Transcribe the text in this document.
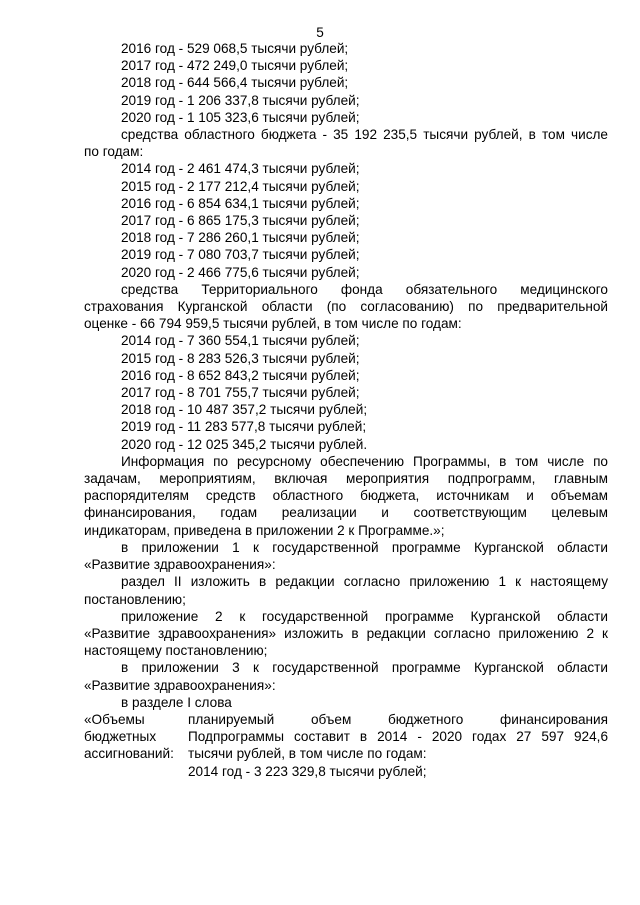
5
2016 год - 529 068,5 тысячи рублей;
2017 год - 472 249,0 тысячи рублей;
2018 год - 644 566,4 тысячи рублей;
2019 год - 1 206 337,8 тысячи рублей;
2020 год - 1 105 323,6 тысячи рублей;
средства областного бюджета - 35 192 235,5 тысячи рублей, в том числе
по годам:
2014 год - 2 461 474,3 тысячи рублей;
2015 год - 2 177 212,4 тысячи рублей;
2016 год - 6 854 634,1 тысячи рублей;
2017 год - 6 865 175,3 тысячи рублей;
2018 год - 7 286 260,1 тысячи рублей;
2019 год - 7 080 703,7 тысячи рублей;
2020 год - 2 466 775,6 тысячи рублей;
средства Территориального фонда обязательного медицинского
страхования Курганской области (по согласованию) по предварительной
оценке - 66 794 959,5 тысячи рублей, в том числе по годам:
2014 год - 7 360 554,1 тысячи рублей;
2015 год - 8 283 526,3 тысячи рублей;
2016 год - 8 652 843,2 тысячи рублей;
2017 год - 8 701 755,7 тысячи рублей;
2018 год - 10 487 357,2 тысячи рублей;
2019 год - 11 283 577,8 тысячи рублей;
2020 год - 12 025 345,2 тысячи рублей.
Информация по ресурсному обеспечению Программы, в том числе по
задачам, мероприятиям, включая мероприятия подпрограмм, главным
распорядителям средств областного бюджета, источникам и объемам
финансирования, годам реализации и соответствующим целевым
индикаторам, приведена в приложении 2 к Программе.»;
в приложении 1 к государственной программе Курганской области
«Развитие здравоохранения»:
раздел II изложить в редакции согласно приложению 1 к настоящему
постановлению;
приложение 2 к государственной программе Курганской области
«Развитие здравоохранения» изложить в редакции согласно приложению 2 к
настоящему постановлению;
в приложении 3 к государственной программе Курганской области
«Развитие здравоохранения»:
в разделе I слова
«Объемы
бюджетных
ассигнований:
планируемый объем бюджетного финансирования
Подпрограммы составит в 2014 - 2020 годах 27 597 924,6
тысячи рублей, в том числе по годам:
2014 год - 3 223 329,8 тысячи рублей;
